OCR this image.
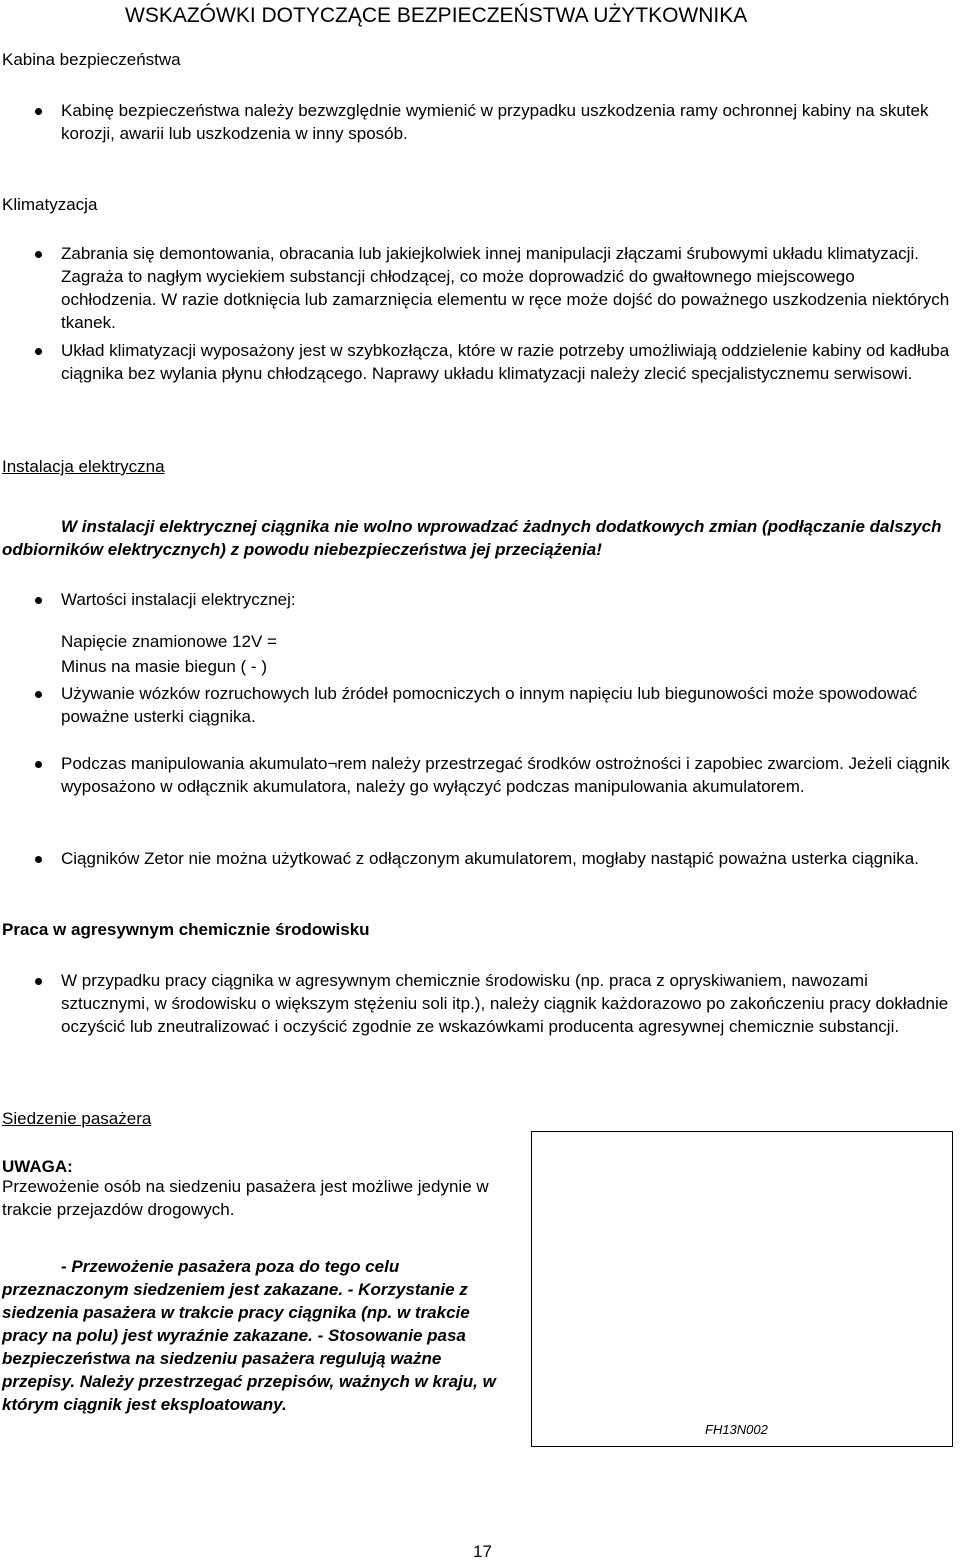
WSKAZÓWKI DOTYCZĄCE BEZPIECZEŃSTWA UŻYTKOWNIKA
Kabina bezpieczeństwa
Kabinę bezpieczeństwa należy bezwzględnie wymienić w przypadku uszkodzenia ramy ochronnej kabiny na skutek korozji, awarii lub uszkodzenia w inny sposób.
Klimatyzacja
Zabrania się demontowania, obracania lub jakiejkolwiek innej manipulacji złączami śrubowymi układu klimatyzacji. Zagraża to nagłym wyciekiem substancji chłodzącej, co może doprowadzić do gwałtownego miejscowego ochłodzenia. W razie dotknięcia lub zamarznięcia elementu w ręce może dojść do poważnego uszkodzenia niektórych tkanek.
Układ klimatyzacji wyposażony jest w szybkozłącza, które w razie potrzeby umożliwiają oddzielenie kabiny od kadłuba ciągnika bez wylania płynu chłodzącego. Naprawy układu klimatyzacji należy zlecić specjalistycznemu serwisowi.
Instalacja elektryczna
W instalacji elektrycznej ciągnika nie wolno wprowadzać żadnych dodatkowych zmian (podłączanie dalszych odbiorników elektrycznych) z powodu niebezpieczeństwa jej przeciążenia!
Wartości instalacji elektrycznej:
Napięcie znamionowe 12V =
Minus na masie biegun ( - )
Używanie wózków rozruchowych lub źródeł pomocniczych o innym napięciu lub biegunowości może spowodować poważne usterki ciągnika.
Podczas manipulowania akumulato¬rem należy przestrzegać środków ostrożności i zapobiec zwarciom. Jeżeli ciągnik wyposażono w odłącznik akumulatora, należy go wyłączyć podczas manipulowania akumulatorem.
Ciągników Zetor nie można użytkować z odłączonym akumulatorem, mogłaby nastąpić poważna usterka ciągnika.
Praca w agresywnym chemicznie środowisku
W przypadku pracy ciągnika w agresywnym chemicznie środowisku (np. praca z opryskiwaniem, nawozami sztucznymi, w środowisku o większym stężeniu soli itp.), należy ciągnik każdorazowo po zakończeniu pracy dokładnie oczyścić lub zneutralizować i oczyścić zgodnie ze wskazówkami producenta agresywnej chemicznie substancji.
Siedzenie pasażera
UWAGA:
Przewożenie osób na siedzeniu pasażera jest możliwe jedynie w trakcie przejazdów drogowych.
- Przewożenie pasażera poza do tego celu przeznaczonym siedzeniem jest zakazane. - Korzystanie z siedzenia pasażera w trakcie pracy ciągnika (np. w trakcie pracy na polu) jest wyraźnie zakazane. - Stosowanie pasa bezpieczeństwa na siedzeniu pasażera regulują ważne przepisy. Należy przestrzegać przepisów, ważnych w kraju, w którym ciągnik jest eksploatowany.
FH13N002
17
